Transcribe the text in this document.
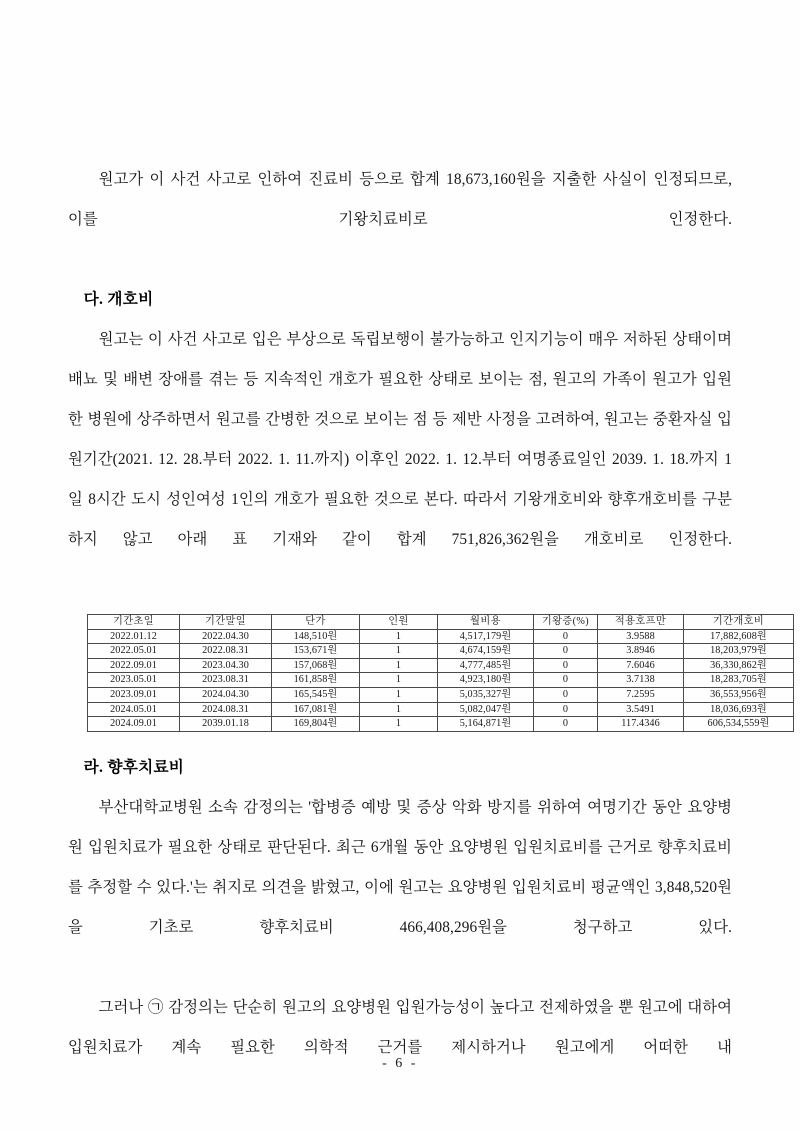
원고가 이 사건 사고로 인하여 진료비 등으로 합계 18,673,160원을 지출한 사실이 인정되므로, 이를 기왕치료비로 인정한다.

다. 개호비

원고는 이 사건 사고로 입은 부상으로 독립보행이 불가능하고 인지기능이 매우 저하된 상태이며 배뇨 및 배변 장애를 겪는 등 지속적인 개호가 필요한 상태로 보이는 점, 원고의 가족이 원고가 입원한 병원에 상주하면서 원고를 간병한 것으로 보이는 점 등 제반 사정을 고려하여, 원고는 중환자실 입원기간(2021. 12. 28.부터 2022. 1. 11.까지) 이후인 2022. 1. 12.부터 여명종료일인 2039. 1. 18.까지 1일 8시간 도시 성인여성 1인의 개호가 필요한 것으로 본다. 따라서 기왕개호비와 향후개호비를 구분하지 않고 아래 표 기재와 같이 합계 751,826,362원을 개호비로 인정한다.

기간초일	기간말일	단가	인원	월비용	기왕증(%)	적용호프만	기간개호비
2022.01.12	2022.04.30	148,510원	1	4,517,179원	0	3.9588	17,882,608원
2022.05.01	2022.08.31	153,671원	1	4,674,159원	0	3.8946	18,203,979원
2022.09.01	2023.04.30	157,068원	1	4,777,485원	0	7.6046	36,330,862원
2023.05.01	2023.08.31	161,858원	1	4,923,180원	0	3.7138	18,283,705원
2023.09.01	2024.04.30	165,545원	1	5,035,327원	0	7.2595	36,553,956원
2024.05.01	2024.08.31	167,081원	1	5,082,047원	0	3.5491	18,036,693원
2024.09.01	2039.01.18	169,804원	1	5,164,871원	0	117.4346	606,534,559원
라. 향후치료비

부산대학교병원 소속 감정의는 '합병증 예방 및 증상 악화 방지를 위하여 여명기간 동안 요양병원 입원치료가 필요한 상태로 판단된다. 최근 6개월 동안 요양병원 입원치료비를 근거로 향후치료비를 추정할 수 있다.'는 취지로 의견을 밝혔고, 이에 원고는 요양병원 입원치료비 평균액인 3,848,520원을 기초로 향후치료비 466,408,296원을 청구하고 있다.

그러나 ㉠ 감정의는 단순히 원고의 요양병원 입원가능성이 높다고 전제하였을 뿐 원고에 대하여 입원치료가 계속 필요한 의학적 근거를 제시하거나 원고에게 어떠한 내

- 6 -
